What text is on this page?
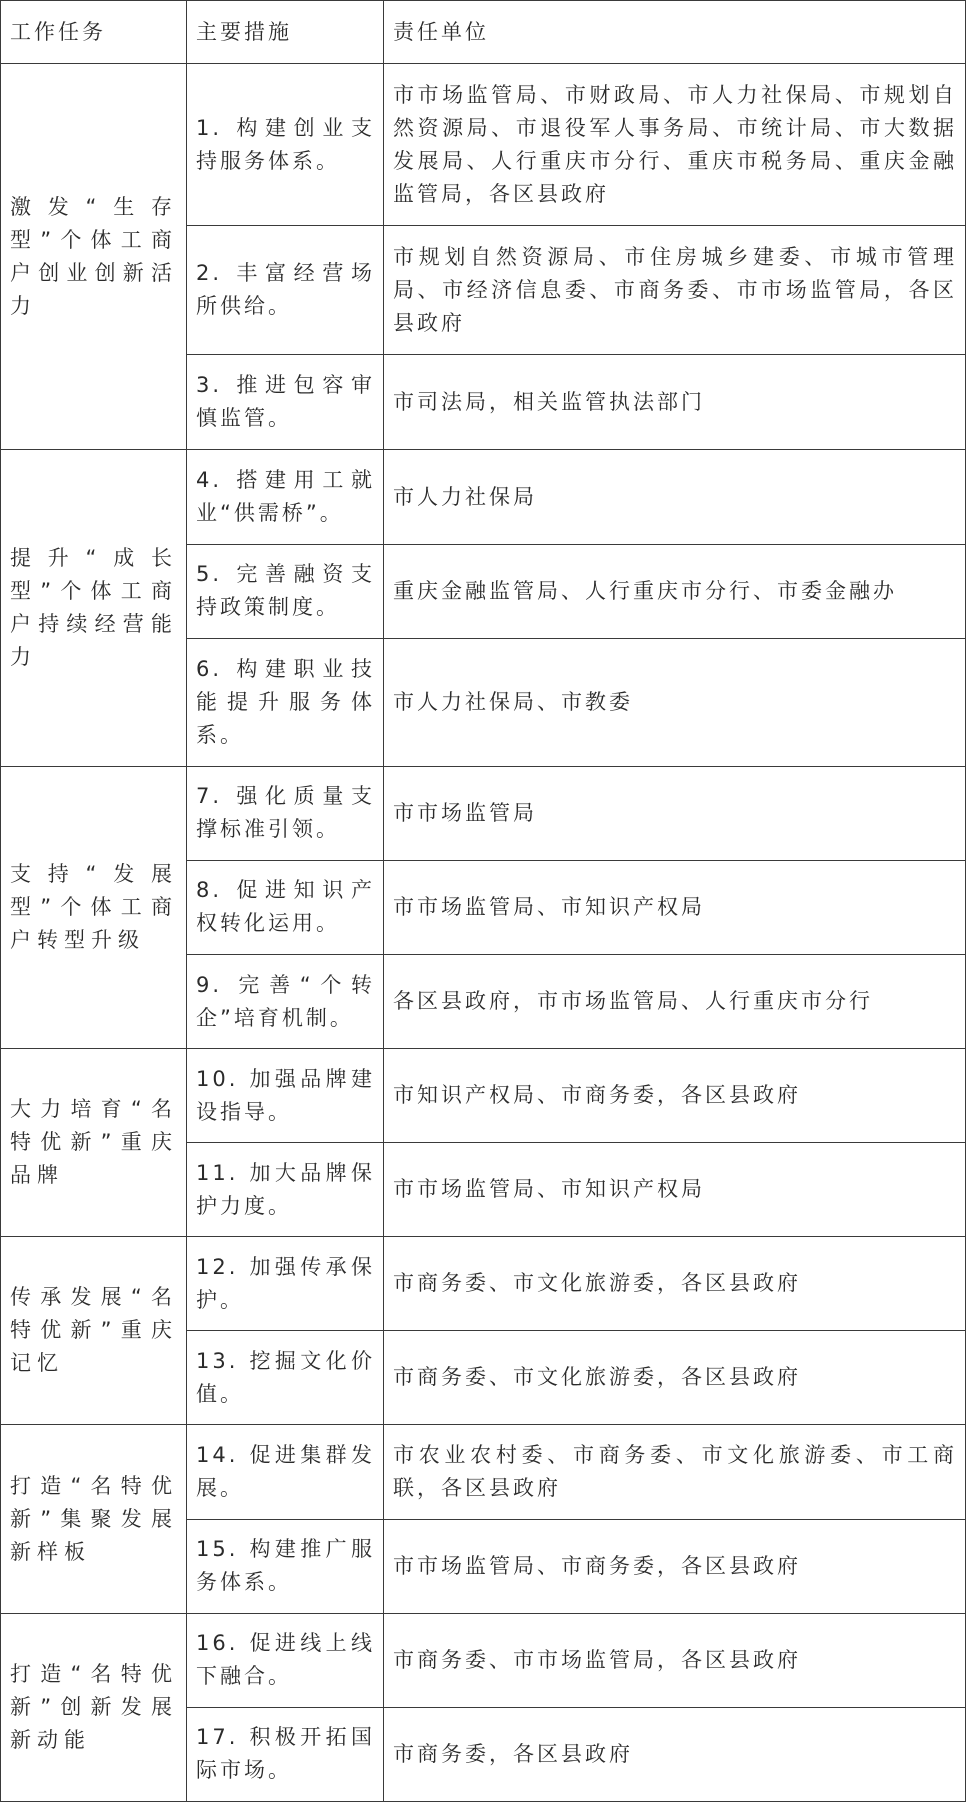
工作任务	主要措施	责任单位
激发“生存型”个体工商户创业创新活力	1. 构建创业支持服务体系。	市市场监管局、市财政局、市人力社保局、市规划自然资源局、市退役军人事务局、市统计局、市大数据发展局、人行重庆市分行、重庆市税务局、重庆金融监管局，各区县政府
	2. 丰富经营场所供给。	市规划自然资源局、市住房城乡建委、市城市管理局、市经济信息委、市商务委、市市场监管局，各区县政府
	3. 推进包容审慎监管。	市司法局，相关监管执法部门
提升“成长型”个体工商户持续经营能力	4. 搭建用工就业“供需桥”。	市人力社保局
	5. 完善融资支持政策制度。	重庆金融监管局、人行重庆市分行、市委金融办
	6. 构建职业技能提升服务体系。	市人力社保局、市教委
支持“发展型”个体工商户转型升级	7. 强化质量支撑标准引领。	市市场监管局
	8. 促进知识产权转化运用。	市市场监管局、市知识产权局
	9. 完善“个转企”培育机制。	各区县政府，市市场监管局、人行重庆市分行
大力培育“名特优新”重庆品牌	10. 加强品牌建设指导。	市知识产权局、市商务委，各区县政府
	11. 加大品牌保护力度。	市市场监管局、市知识产权局
传承发展“名特优新”重庆记忆	12. 加强传承保护。	市商务委、市文化旅游委，各区县政府
	13. 挖掘文化价值。	市商务委、市文化旅游委，各区县政府
打造“名特优新”集聚发展新样板	14. 促进集群发展。	市农业农村委、市商务委、市文化旅游委、市工商联，各区县政府
	15. 构建推广服务体系。	市市场监管局、市商务委，各区县政府
打造“名特优新”创新发展新动能	16. 促进线上线下融合。	市商务委、市市场监管局，各区县政府
	17. 积极开拓国际市场。	市商务委，各区县政府
